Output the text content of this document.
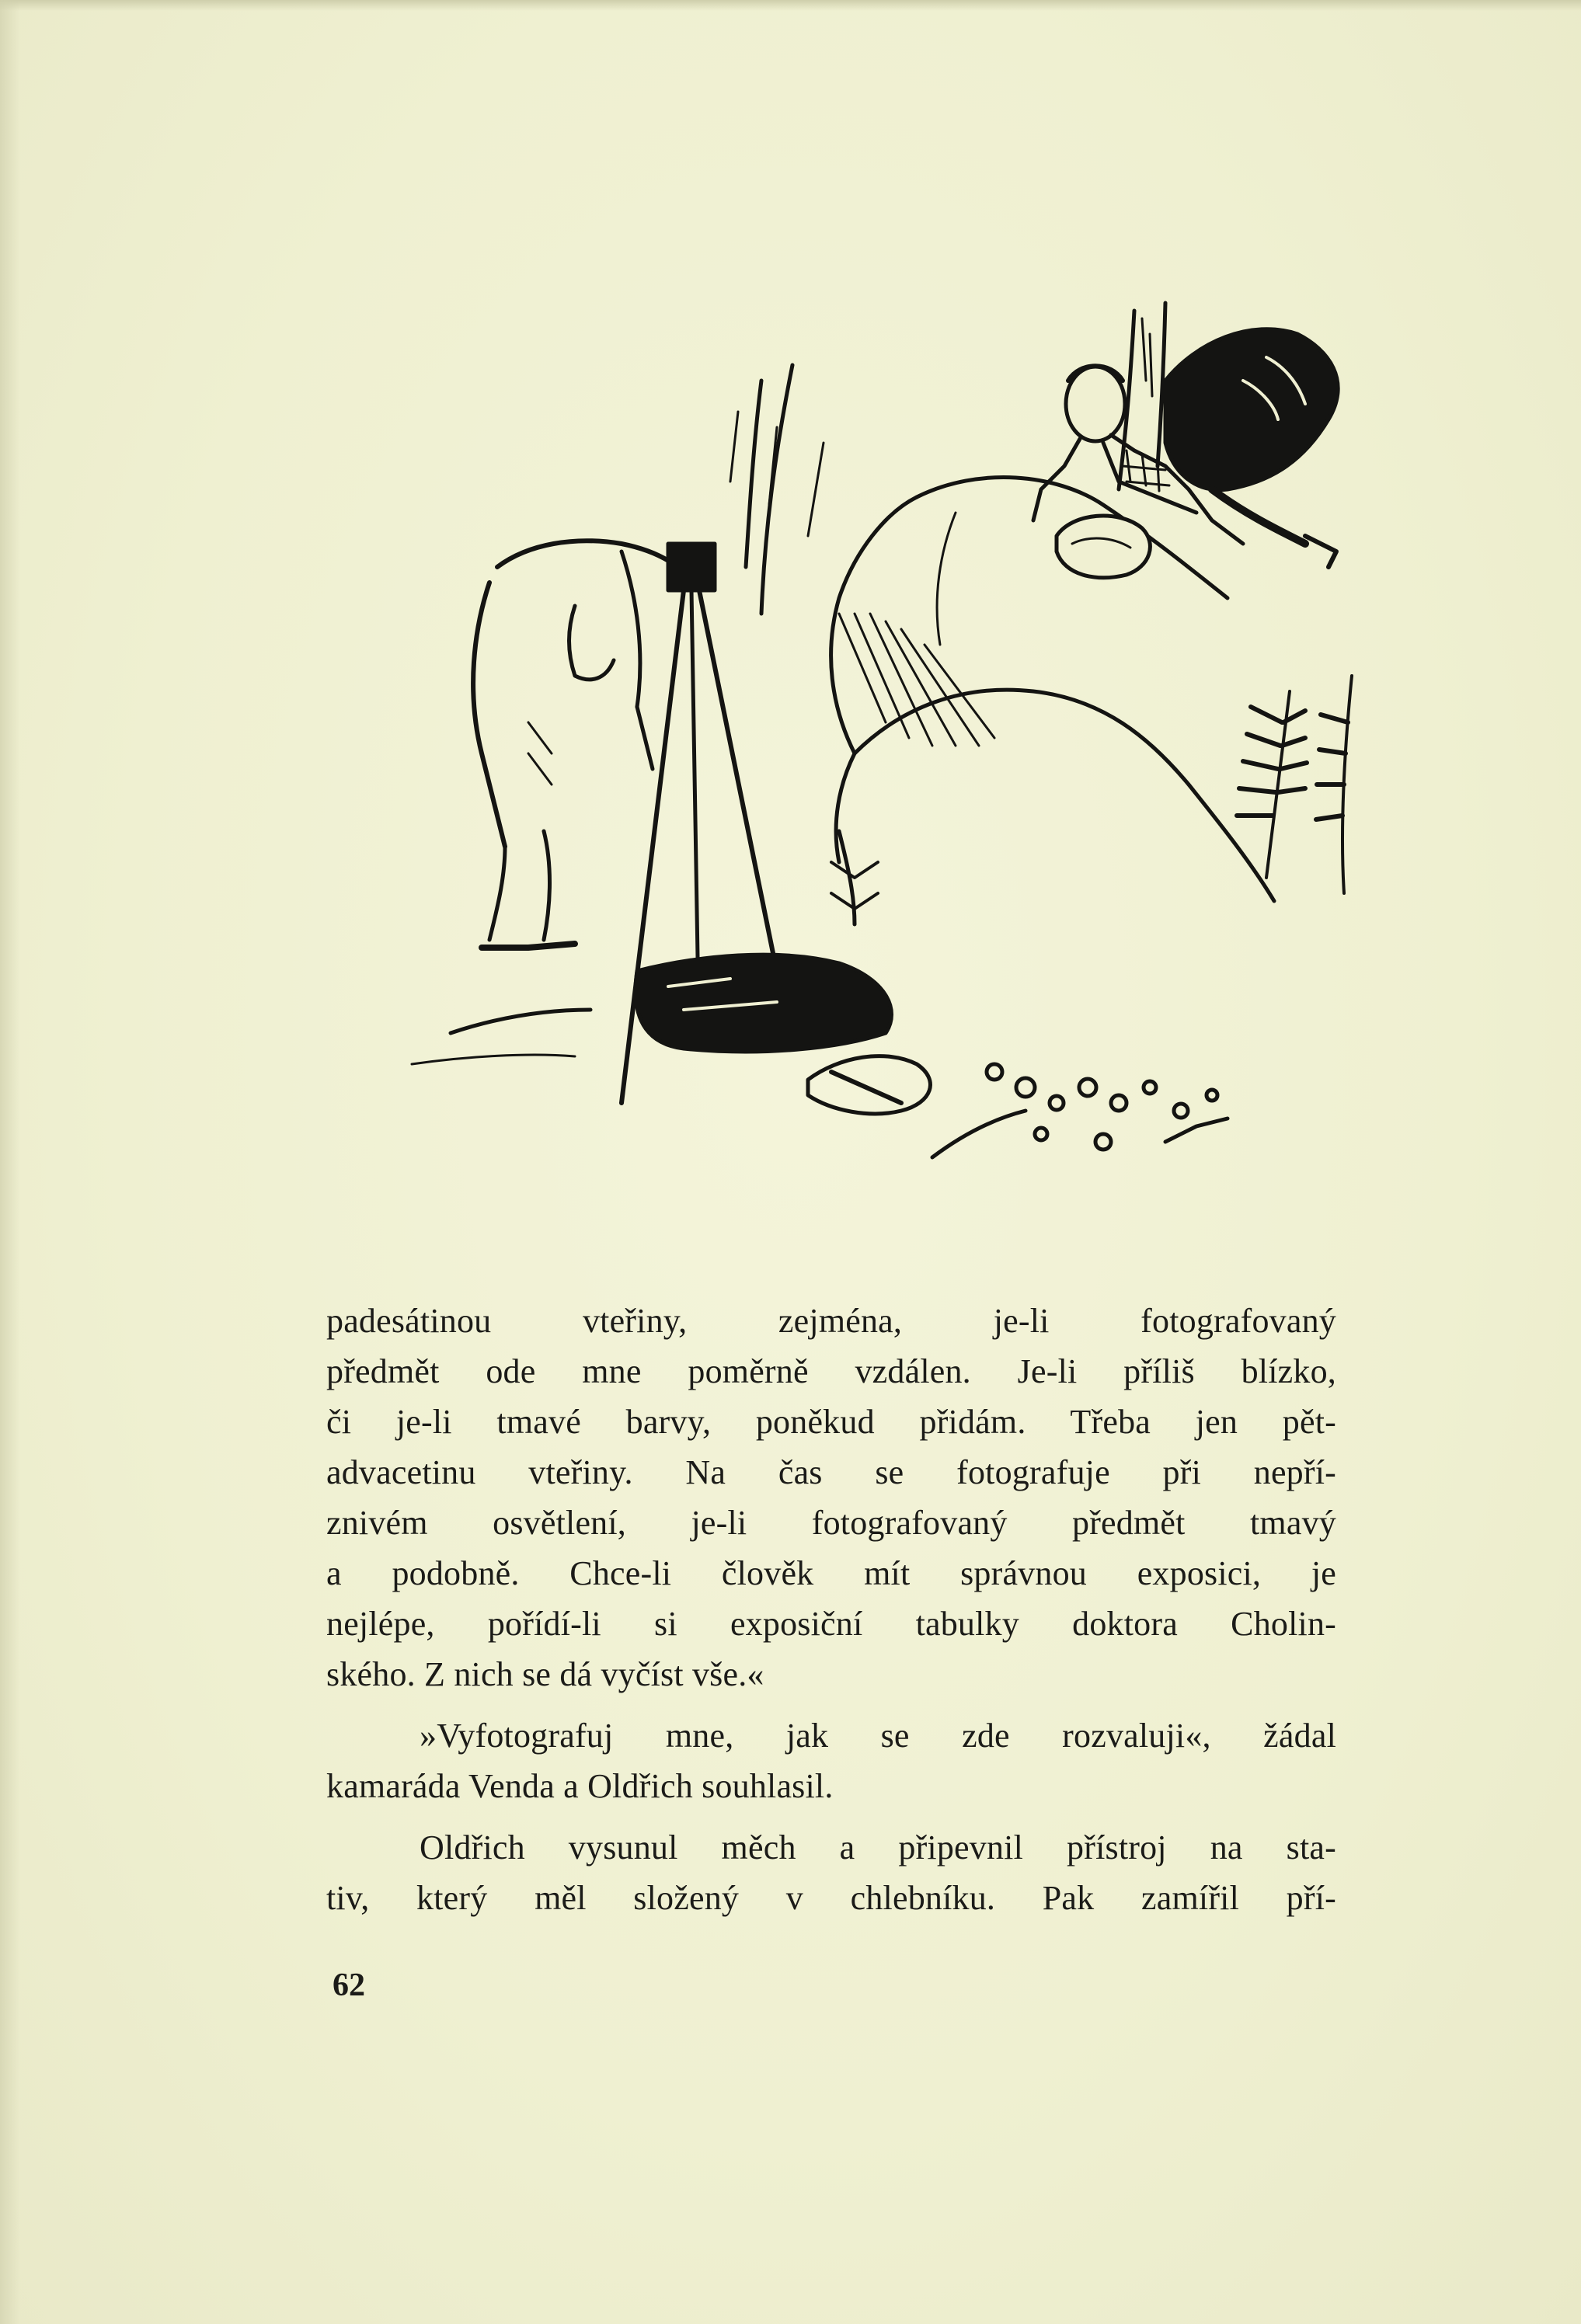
padesátinou vteřiny, zejména, je-li fotografovaný

předmět ode mne poměrně vzdálen. Je-li příliš blízko,

či je-li tmavé barvy, poněkud přidám. Třeba jen pět-

advacetinu vteřiny. Na čas se fotografuje při nepří-

znivém osvětlení, je-li fotografovaný předmět tmavý

a podobně. Chce-li člověk mít správnou exposici, je

nejlépe, pořídí-li si exposiční tabulky doktora Cholin-

ského. Z nich se dá vyčíst vše.«

»Vyfotografuj mne, jak se zde rozvaluji«, žádal

kamaráda Venda a Oldřich souhlasil.

Oldřich vysunul měch a připevnil přístroj na sta-

tiv, který měl složený v chlebníku. Pak zamířil pří-

62
